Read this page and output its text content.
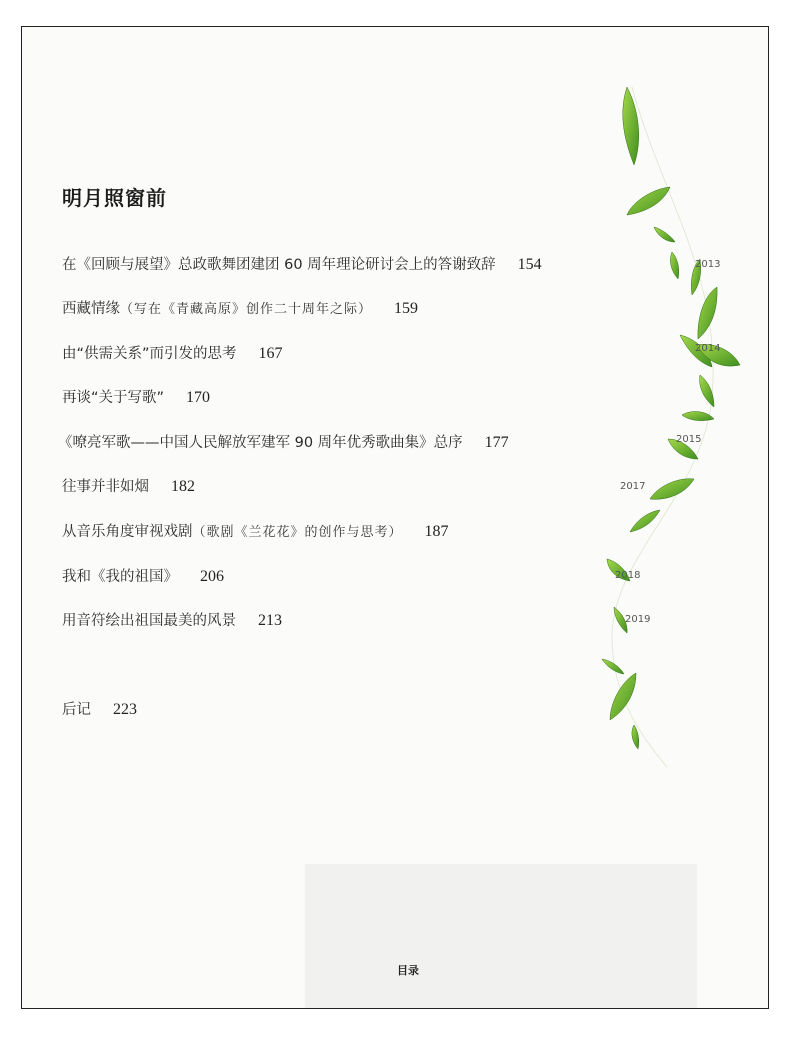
明月照窗前
在《回顾与展望》总政歌舞团建团 60 周年理论研讨会上的答谢致辞 154
西藏情缘（写在《青藏高原》创作二十周年之际） 159
由“供需关系”而引发的思考 167
再谈“关于写歌” 170
《嘹亮军歌——中国人民解放军建军 90 周年优秀歌曲集》总序 177
往事并非如烟 182
从音乐角度审视戏剧（歌剧《兰花花》的创作与思考） 187
我和《我的祖国》 206
用音符绘出祖国最美的风景 213
后记 223
2013
2014
2015
2017
2018
2019
目录
